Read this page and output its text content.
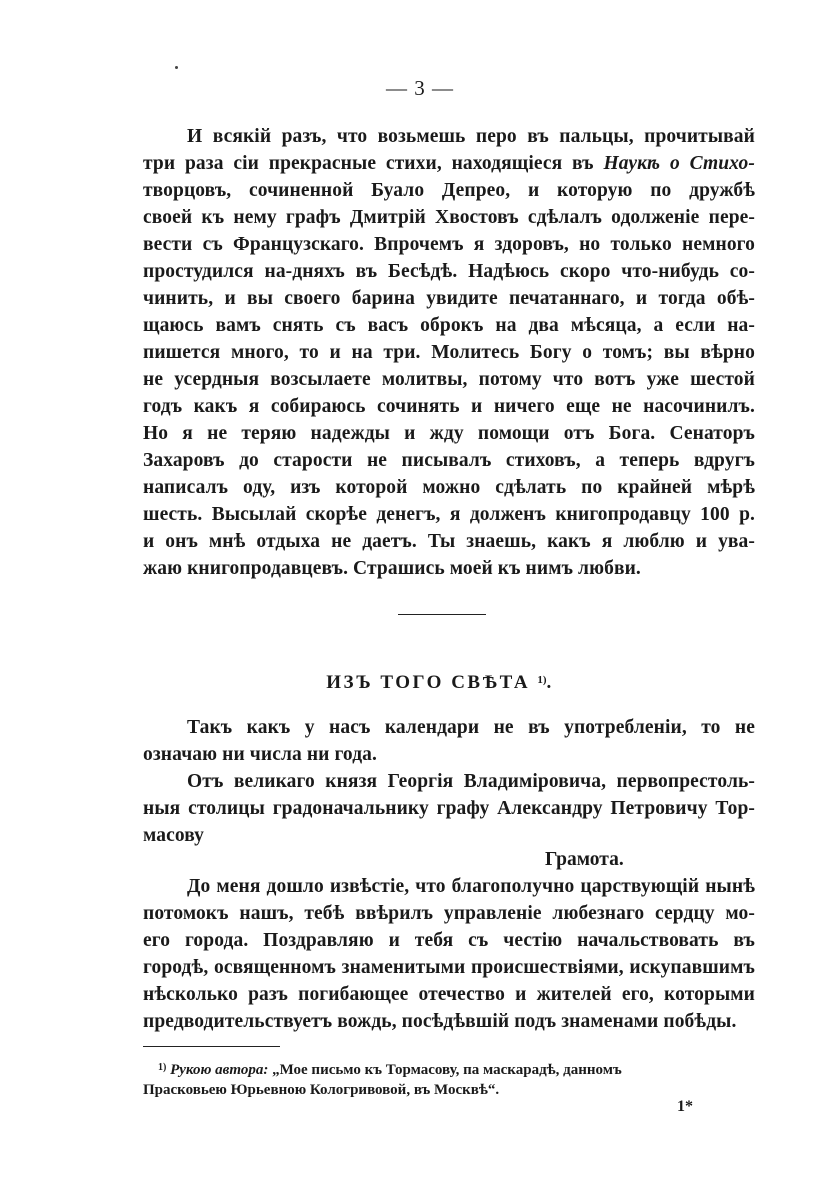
— 3 —
И всякій разъ, что возьмешь перо въ пальцы, прочитывай
три раза сіи прекрасные стихи, находящіеся въ Наукѣ о Стихо-
творцовъ, сочиненной Буало Депрео, и которую по дружбѣ
своей къ нему графъ Дмитрій Хвостовъ сдѣлалъ одолженіе пере-
вести съ Французскаго. Впрочемъ я здоровъ, но только немного
простудился на-дняхъ въ Бесѣдѣ. Надѣюсь скоро что-нибудь со-
чинить, и вы своего барина увидите печатаннаго, и тогда обѣ-
щаюсь вамъ снять съ васъ оброкъ на два мѣсяца, а если на-
пишется много, то и на три. Молитесь Богу о томъ; вы вѣрно
не усердныя возсылаете молитвы, потому что вотъ уже шестой
годъ какъ я собираюсь сочинять и ничего еще не насочинилъ.
Но я не теряю надежды и жду помощи отъ Бога. Сенаторъ
Захаровъ до старости не писывалъ стиховъ, а теперь вдругъ
написалъ оду, изъ которой можно сдѣлать по крайней мѣрѣ
шесть. Высылай скорѣе денегъ, я долженъ книгопродавцу 100 р.
и онъ мнѣ отдыха не даетъ. Ты знаешь, какъ я люблю и ува-
жаю книгопродавцевъ. Страшись моей къ нимъ любви.
ИЗЪ ТОГО СВѢТА $^{1)}$.
Такъ какъ у насъ календари не въ употребленіи, то не
означаю ни числа ни года.
Отъ великаго князя Георгія Владиміровича, первопрестоль-
ныя столицы градоначальнику графу Александру Петровичу Тор-
масову
Грамота.
До меня дошло извѣстіе, что благополучно царствующій нынѣ
потомокъ нашъ, тебѣ ввѣрилъ управленіе любезнаго сердцу мо-
его города. Поздравляю и тебя съ честію начальствовать въ
городѣ, освященномъ знаменитыми происшествіями, искупавшимъ
нѣсколько разъ погибающее отечество и жителей его, которыми
предводительствуетъ вождь, посѣдѣвшій подъ знаменами побѣды.
 $^{1)}$ Рукою автора: „Мое письмо къ Тормасову, па маскарадѣ, данномъ
Прасковьею Юрьевною Кологривовой, въ Москвѣ“.
1*
